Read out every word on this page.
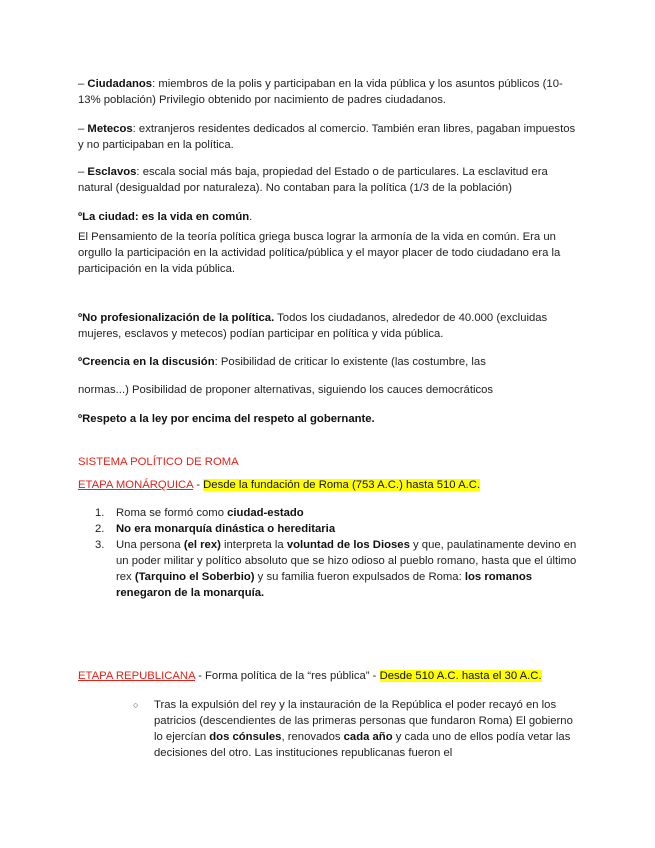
– Ciudadanos: miembros de la polis y participaban en la vida pública y los asuntos públicos (10-13% población) Privilegio obtenido por nacimiento de padres ciudadanos.

– Metecos: extranjeros residentes dedicados al comercio. También eran libres, pagaban impuestos y no participaban en la política.

– Esclavos: escala social más baja, propiedad del Estado o de particulares. La esclavitud era natural (desigualdad por naturaleza). No contaban para la política (1/3 de la población)

ºLa ciudad: es la vida en común.

El Pensamiento de la teoría política griega busca lograr la armonía de la vida en común. Era un orgullo la participación en la actividad política/pública y el mayor placer de todo ciudadano era la participación en la vida pública.

ºNo profesionalización de la política. Todos los ciudadanos, alrededor de 40.000 (excluidas mujeres, esclavos y metecos) podían participar en política y vida pública.

ºCreencia en la discusión: Posibilidad de criticar lo existente (las costumbre, las

normas...) Posibilidad de proponer alternativas, siguiendo los cauces democráticos

ºRespeto a la ley por encima del respeto al gobernante.

SISTEMA POLÍTICO DE ROMA

ETAPA MONÁRQUICA - Desde la fundación de Roma (753 A.C.) hasta 510 A.C.

1. Roma se formó como ciudad-estado
2. No era monarquía dinástica o hereditaria
3. Una persona (el rex) interpreta la voluntad de los Dioses y que, paulatinamente devino en un poder militar y político absoluto que se hizo odioso al pueblo romano, hasta que el último rex (Tarquino el Soberbio) y su familia fueron expulsados de Roma: los romanos renegaron de la monarquía.

ETAPA REPUBLICANA - Forma política de la “res pública” - Desde 510 A.C. hasta el 30 A.C.

○	Tras la expulsión del rey y la instauración de la República el poder recayó en los patricios (descendientes de las primeras personas que fundaron Roma) El gobierno lo ejercían dos cónsules, renovados cada año y cada uno de ellos podía vetar las decisiones del otro. Las instituciones republicanas fueron el
